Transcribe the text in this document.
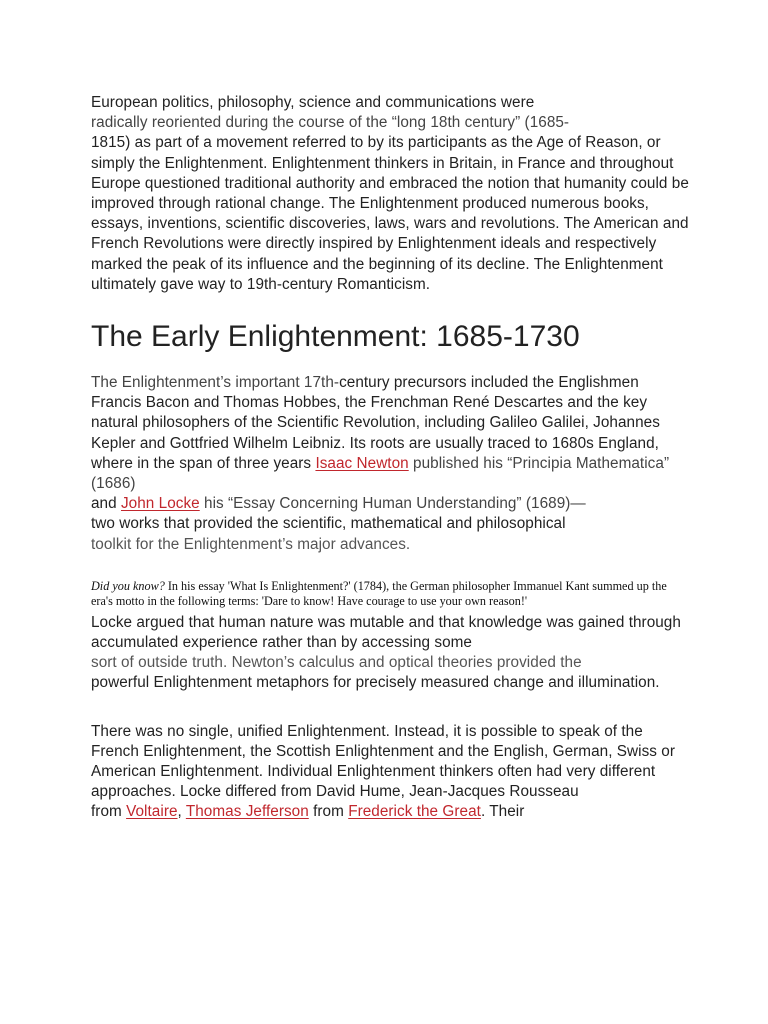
European politics, philosophy, science and communications were
radically reoriented during the course of the “long 18th century” (1685-
1815) as part of a movement referred to by its participants as the Age of Reason, or simply the Enlightenment. Enlightenment thinkers in Britain, in France and throughout Europe questioned traditional authority and embraced the notion that humanity could be improved through rational change. The Enlightenment produced numerous books, essays, inventions, scientific discoveries, laws, wars and revolutions. The American and French Revolutions were directly inspired by Enlightenment ideals and respectively marked the peak of its influence and the beginning of its decline. The Enlightenment ultimately gave way to 19th-century Romanticism.

The Early Enlightenment: 1685-1730

The Enlightenment’s important 17th-century precursors included the Englishmen Francis Bacon and Thomas Hobbes, the Frenchman René Descartes and the key natural philosophers of the Scientific Revolution, including Galileo Galilei, Johannes Kepler and Gottfried Wilhelm Leibniz. Its roots are usually traced to 1680s England, where in the span of three years Isaac Newton published his “Principia Mathematica” (1686)
and John Locke his “Essay Concerning Human Understanding” (1689)—
two works that provided the scientific, mathematical and philosophical
toolkit for the Enlightenment’s major advances.

Did you know? In his essay 'What Is Enlightenment?' (1784), the German philosopher Immanuel Kant summed up the era's motto in the following terms: 'Dare to know! Have courage to use your own reason!'

Locke argued that human nature was mutable and that knowledge was gained through accumulated experience rather than by accessing some
sort of outside truth. Newton’s calculus and optical theories provided the
powerful Enlightenment metaphors for precisely measured change and illumination.

There was no single, unified Enlightenment. Instead, it is possible to speak of the French Enlightenment, the Scottish Enlightenment and the English, German, Swiss or American Enlightenment. Individual Enlightenment thinkers often had very different approaches. Locke differed from David Hume, Jean-Jacques Rousseau
from Voltaire, Thomas Jefferson from Frederick the Great. Their
